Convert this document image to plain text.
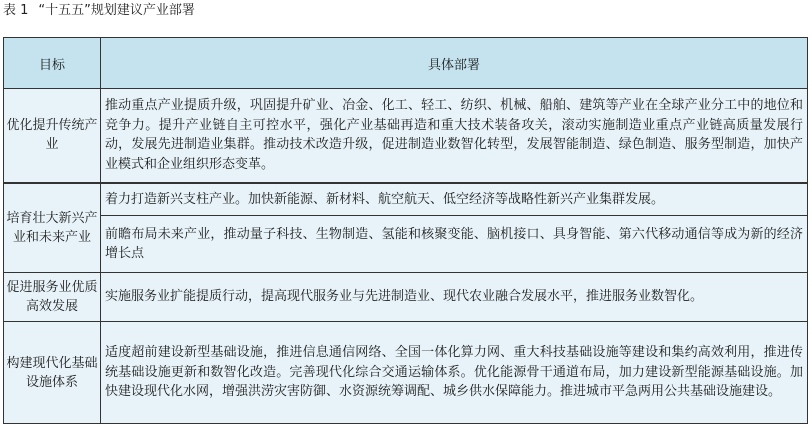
表 1 “十五五”规划建议产业部署
目标	具体部署
优化提升传统产业	推动重点产业提质升级，巩固提升矿业、冶金、化工、轻工、纺织、机械、船舶、建筑等产业在全球产业分工中的地位和竞争力。提升产业链自主可控水平，强化产业基础再造和重大技术装备攻关，滚动实施制造业重点产业链高质量发展行动，发展先进制造业集群。推动技术改造升级，促进制造业数智化转型，发展智能制造、绿色制造、服务型制造，加快产业模式和企业组织形态变革。
培育壮大新兴产业和未来产业	着力打造新兴支柱产业。加快新能源、新材料、航空航天、低空经济等战略性新兴产业集群发展。
	前瞻布局未来产业，推动量子科技、生物制造、氢能和核聚变能、脑机接口、具身智能、第六代移动通信等成为新的经济增长点
促进服务业优质高效发展	实施服务业扩能提质行动，提高现代服务业与先进制造业、现代农业融合发展水平，推进服务业数智化。
构建现代化基础设施体系	适度超前建设新型基础设施，推进信息通信网络、全国一体化算力网、重大科技基础设施等建设和集约高效利用，推进传统基础设施更新和数智化改造。完善现代化综合交通运输体系。优化能源骨干通道布局，加力建设新型能源基础设施。加快建设现代化水网，增强洪涝灾害防御、水资源统筹调配、城乡供水保障能力。推进城市平急两用公共基础设施建设。
